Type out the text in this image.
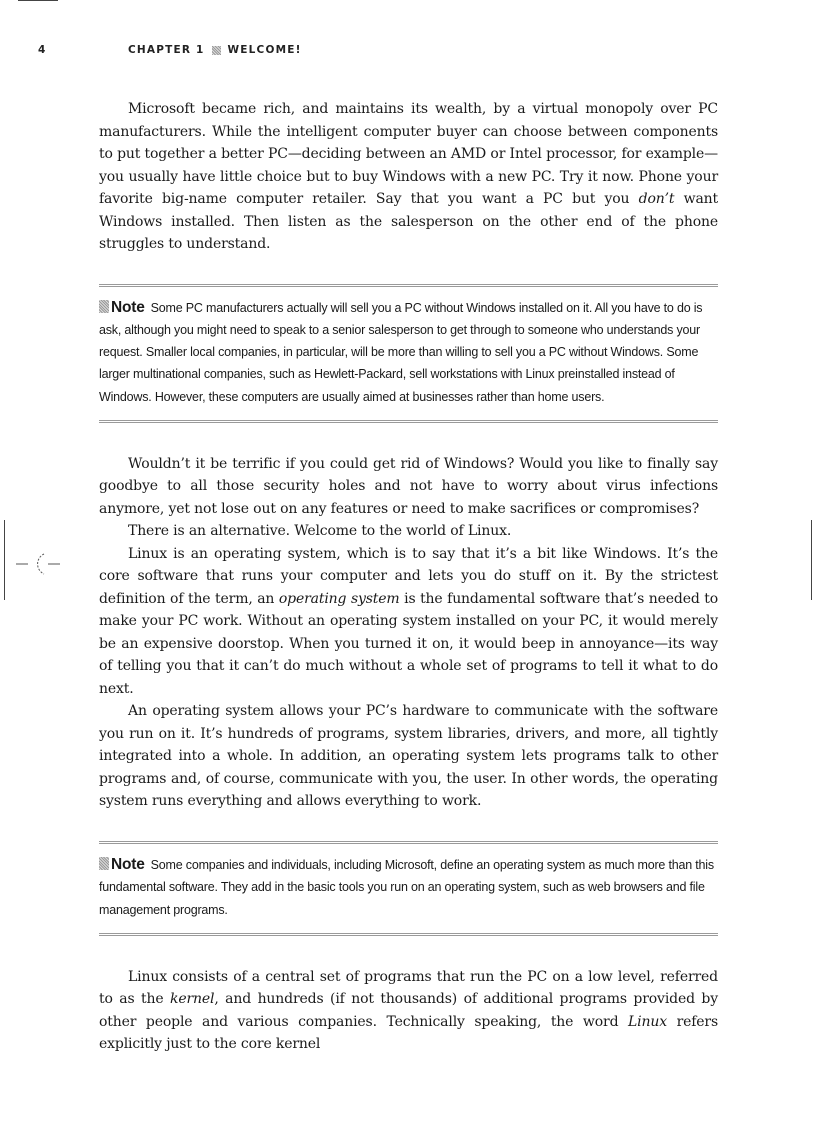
4	CHAPTER 1 WELCOME!

Microsoft became rich, and maintains its wealth, by a virtual monopoly over PC manufacturers. While the intelligent computer buyer can choose between components to put together a better PC—deciding between an AMD or Intel processor, for example—you usually have little choice but to buy Windows with a new PC. Try it now. Phone your favorite big-name computer retailer. Say that you want a PC but you don’t want Windows installed. Then listen as the salesperson on the other end of the phone struggles to understand.

Note Some PC manufacturers actually will sell you a PC without Windows installed on it. All you have to do is ask, although you might need to speak to a senior salesperson to get through to someone who understands your request. Smaller local companies, in particular, will be more than willing to sell you a PC without Windows. Some larger multinational companies, such as Hewlett-Packard, sell workstations with Linux preinstalled instead of Windows. However, these computers are usually aimed at businesses rather than home users.

Wouldn’t it be terrific if you could get rid of Windows? Would you like to finally say goodbye to all those security holes and not have to worry about virus infections anymore, yet not lose out on any features or need to make sacrifices or compromises?

There is an alternative. Welcome to the world of Linux.

Linux is an operating system, which is to say that it’s a bit like Windows. It’s the core software that runs your computer and lets you do stuff on it. By the strictest definition of the term, an operating system is the fundamental software that’s needed to make your PC work. Without an operating system installed on your PC, it would merely be an expensive doorstop. When you turned it on, it would beep in annoyance—its way of telling you that it can’t do much without a whole set of programs to tell it what to do next.

An operating system allows your PC’s hardware to communicate with the software you run on it. It’s hundreds of programs, system libraries, drivers, and more, all tightly integrated into a whole. In addition, an operating system lets programs talk to other programs and, of course, communicate with you, the user. In other words, the operating system runs everything and allows everything to work.

Note Some companies and individuals, including Microsoft, define an operating system as much more than this fundamental software. They add in the basic tools you run on an operating system, such as web browsers and file management programs.

Linux consists of a central set of programs that run the PC on a low level, referred to as the kernel, and hundreds (if not thousands) of additional programs provided by other people and various companies. Technically speaking, the word Linux refers explicitly just to the core kernel
